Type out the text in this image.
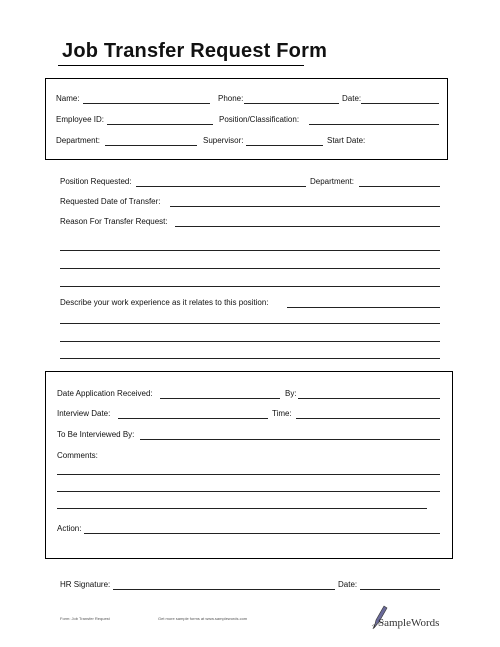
Job Transfer Request Form
Name:	Phone:	Date:
Employee ID:	Position/Classification:
Department:	Supervisor:	Start Date:
Position Requested:	Department:
Requested Date of Transfer:
Reason For Transfer Request:
Describe your work experience as it relates to this position:
Date Application Received:	By:
Interview Date:	Time:
To Be Interviewed By:
Comments:
Action:
HR Signature:	Date:
Form: Job Transfer Request	Get more sample forms at www.samplewords.com	SampleWords
